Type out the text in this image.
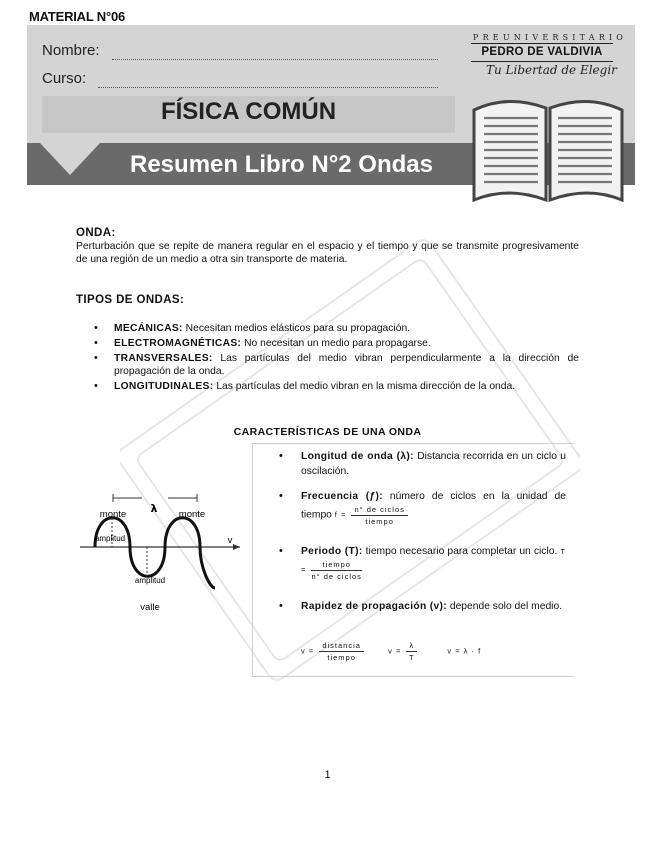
MATERIAL N°06
Nombre:
Curso:
FÍSICA COMÚN
Resumen Libro N°2 Ondas
PREUNIVERSITARIO
PEDRO DE VALDIVIA
Tu Libertad de Elegir
ONDA:
Perturbación que se repite de manera regular en el espacio y el tiempo y que se transmite progresivamente de una región de un medio a otra sin transporte de materia.
TIPOS DE ONDAS:
• MECÁNICAS: Necesitan medios elásticos para su propagación.
• ELECTROMAGNÉTICAS: No necesitan un medio para propagarse.
• TRANSVERSALES: Las partículas del medio vibran perpendicularmente a la dirección de propagación de la onda.
• LONGITUDINALES: Las partículas del medio vibran en la misma dirección de la onda.
CARACTERÍSTICAS DE UNA ONDA
• Longitud de onda (λ): Distancia recorrida en un ciclo u oscilación.
• Frecuencia (ƒ): número de ciclos en la unidad de tiempo $f = \frac{\text{n° de ciclos}}{\text{tiempo}}$
• Periodo (T): tiempo necesario para completar un ciclo. $T = \frac{\text{tiempo}}{\text{n° de ciclos}}$
• Rapidez de propagación (v): depende solo del medio.
$v = \frac{\text{distancia}}{\text{tiempo}}$	$v = \frac{\lambda}{T}$	v = λ · f
λ
monte	monte
v
amplitud
amplitud
valle
1
